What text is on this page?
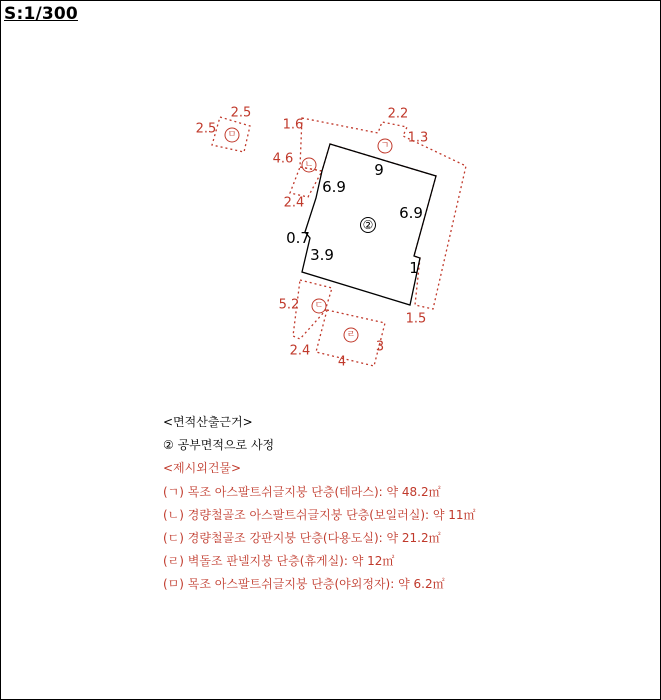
S:1/300
ㄱ
ㄴ
ㄷ
ㄹ
ㅁ
9
6.9
6.9
0.7
3.9
1
②
2.2
1.6
1.3
1.5
4.6
2.4
5.2
2.4
4
3
2.5
2.5
<면적산출근거>
② 공부면적으로 사정
<제시외건물>
(ㄱ) 목조 아스팔트쉬글지붕 단층(테라스): 약 48.2㎡
(ㄴ) 경량철골조 아스팔트쉬글지붕 단층(보일러실): 약 11㎡
(ㄷ) 경량철골조 강판지붕 단층(다용도실): 약 21.2㎡
(ㄹ) 벽돌조 판넬지붕 단층(휴게실): 약 12㎡
(ㅁ) 목조 아스팔트쉬글지붕 단층(야외정자): 약 6.2㎡
